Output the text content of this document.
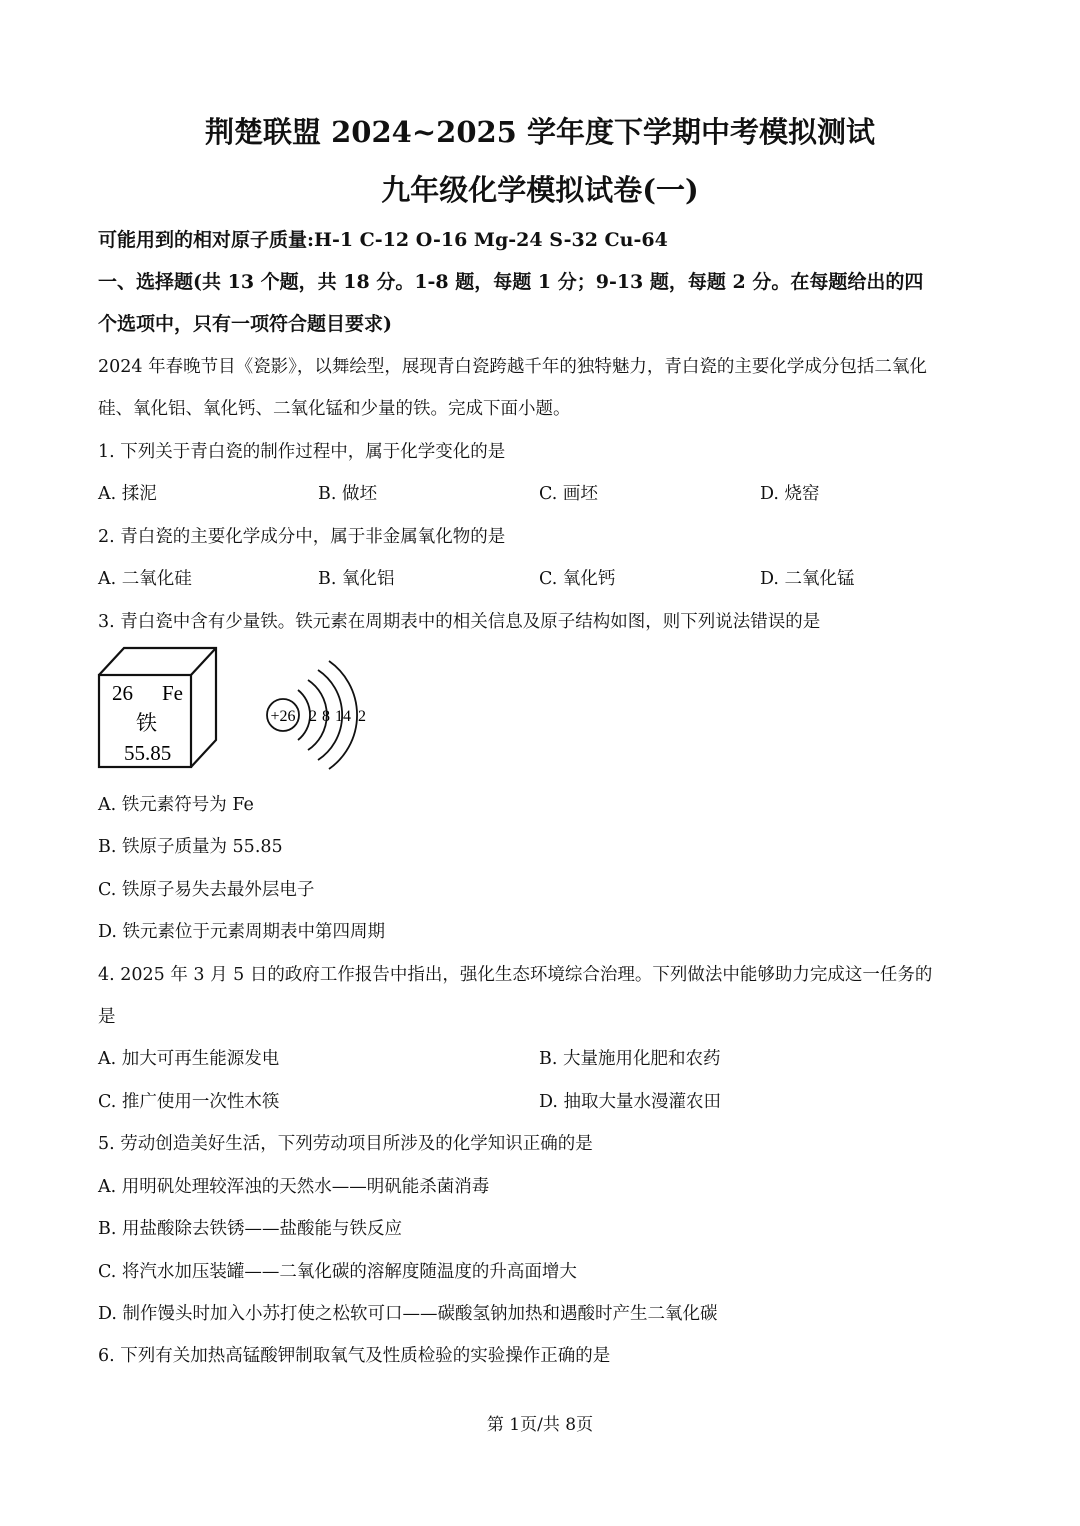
荆楚联盟 2024~2025 学年度下学期中考模拟测试
九年级化学模拟试卷(一)
可能用到的相对原子质量:H-1 C-12 O-16 Mg-24 S-32 Cu-64
一、选择题(共 13 个题，共 18 分。1-8 题，每题 1 分；9-13 题，每题 2 分。在每题给出的四
个选项中，只有一项符合题目要求)
2024 年春晚节目《瓷影》，以舞绘型，展现青白瓷跨越千年的独特魅力，青白瓷的主要化学成分包括二氧化
硅、氧化铝、氧化钙、二氧化锰和少量的铁。完成下面小题。
1. 下列关于青白瓷的制作过程中，属于化学变化的是
A. 揉泥	B. 做坯	C. 画坯	D. 烧窑
2. 青白瓷的主要化学成分中，属于非金属氧化物的是
A. 二氧化硅	B. 氧化铝	C. 氧化钙	D. 二氧化锰
3. 青白瓷中含有少量铁。铁元素在周期表中的相关信息及原子结构如图，则下列说法错误的是
26 Fe
铁
55.85
+26 2 8 14 2
A. 铁元素符号为 Fe
B. 铁原子质量为 55.85
C. 铁原子易失去最外层电子
D. 铁元素位于元素周期表中第四周期
4. 2025 年 3 月 5 日的政府工作报告中指出，强化生态环境综合治理。下列做法中能够助力完成这一任务的
是
A. 加大可再生能源发电	B. 大量施用化肥和农药
C. 推广使用一次性木筷	D. 抽取大量水漫灌农田
5. 劳动创造美好生活，下列劳动项目所涉及的化学知识正确的是
A. 用明矾处理较浑浊的天然水——明矾能杀菌消毒
B. 用盐酸除去铁锈——盐酸能与铁反应
C. 将汽水加压装罐——二氧化碳的溶解度随温度的升高面增大
D. 制作馒头时加入小苏打使之松软可口——碳酸氢钠加热和遇酸时产生二氧化碳
6. 下列有关加热高锰酸钾制取氧气及性质检验的实验操作正确的是
第 1页/共 8页
